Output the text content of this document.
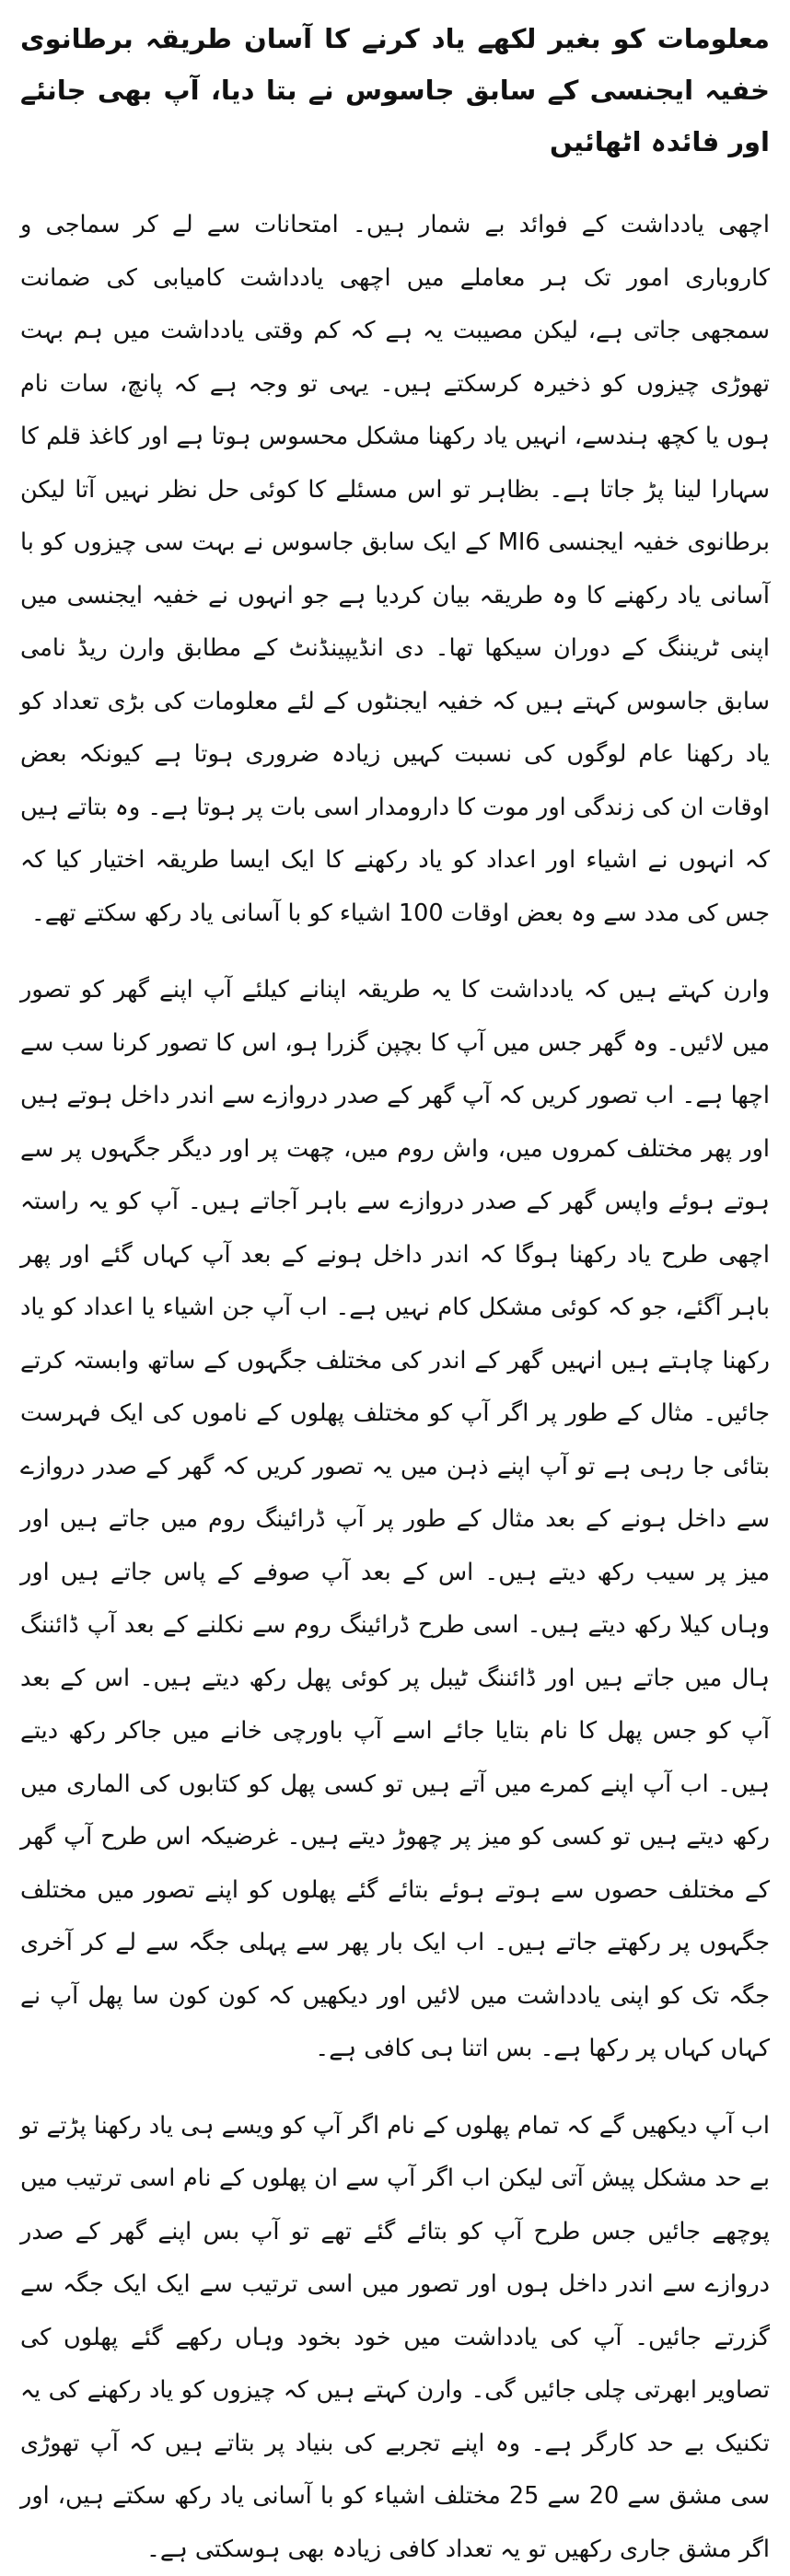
معلومات کو بغیر لکھے یاد کرنے کا آسان طریقہ برطانوی خفیہ ایجنسی کے سابق جاسوس نے بتا دیا، آپ بھی جانئے اور فائدہ اٹھائیں

اچھی یادداشت کے فوائد بے شمار ہیں۔ امتحانات سے لے کر سماجی و کاروباری امور تک ہر معاملے میں اچھی یادداشت کامیابی کی ضمانت سمجھی جاتی ہے، لیکن مصیبت یہ ہے کہ کم وقتی یادداشت میں ہم بہت تھوڑی چیزوں کو ذخیرہ کرسکتے ہیں۔ یہی تو وجہ ہے کہ پانچ، سات نام ہوں یا کچھ ہندسے، انہیں یاد رکھنا مشکل محسوس ہوتا ہے اور کاغذ قلم کا سہارا لینا پڑ جاتا ہے۔ بظاہر تو اس مسئلے کا کوئی حل نظر نہیں آتا لیکن برطانوی خفیہ ایجنسی MI6 کے ایک سابق جاسوس نے بہت سی چیزوں کو با آسانی یاد رکھنے کا وہ طریقہ بیان کردیا ہے جو انہوں نے خفیہ ایجنسی میں اپنی ٹریننگ کے دوران سیکھا تھا۔ دی انڈیپینڈنٹ کے مطابق وارن ریڈ نامی سابق جاسوس کہتے ہیں کہ خفیہ ایجنٹوں کے لئے معلومات کی بڑی تعداد کو یاد رکھنا عام لوگوں کی نسبت کہیں زیادہ ضروری ہوتا ہے کیونکہ بعض اوقات ان کی زندگی اور موت کا دارومدار اسی بات پر ہوتا ہے۔ وہ بتاتے ہیں کہ انہوں نے اشیاء اور اعداد کو یاد رکھنے کا ایک ایسا طریقہ اختیار کیا کہ جس کی مدد سے وہ بعض اوقات 100 اشیاء کو با آسانی یاد رکھ سکتے تھے۔

وارن کہتے ہیں کہ یادداشت کا یہ طریقہ اپنانے کیلئے آپ اپنے گھر کو تصور میں لائیں۔ وہ گھر جس میں آپ کا بچپن گزرا ہو، اس کا تصور کرنا سب سے اچھا ہے۔ اب تصور کریں کہ آپ گھر کے صدر دروازے سے اندر داخل ہوتے ہیں اور پھر مختلف کمروں میں، واش روم میں، چھت پر اور دیگر جگہوں پر سے ہوتے ہوئے واپس گھر کے صدر دروازے سے باہر آجاتے ہیں۔ آپ کو یہ راستہ اچھی طرح یاد رکھنا ہوگا کہ اندر داخل ہونے کے بعد آپ کہاں گئے اور پھر باہر آگئے، جو کہ کوئی مشکل کام نہیں ہے۔ اب آپ جن اشیاء یا اعداد کو یاد رکھنا چاہتے ہیں انہیں گھر کے اندر کی مختلف جگہوں کے ساتھ وابستہ کرتے جائیں۔ مثال کے طور پر اگر آپ کو مختلف پھلوں کے ناموں کی ایک فہرست بتائی جا رہی ہے تو آپ اپنے ذہن میں یہ تصور کریں کہ گھر کے صدر دروازے سے داخل ہونے کے بعد مثال کے طور پر آپ ڈرائینگ روم میں جاتے ہیں اور میز پر سیب رکھ دیتے ہیں۔ اس کے بعد آپ صوفے کے پاس جاتے ہیں اور وہاں کیلا رکھ دیتے ہیں۔ اسی طرح ڈرائینگ روم سے نکلنے کے بعد آپ ڈائننگ ہال میں جاتے ہیں اور ڈائننگ ٹیبل پر کوئی پھل رکھ دیتے ہیں۔ اس کے بعد آپ کو جس پھل کا نام بتایا جائے اسے آپ باورچی خانے میں جاکر رکھ دیتے ہیں۔ اب آپ اپنے کمرے میں آتے ہیں تو کسی پھل کو کتابوں کی الماری میں رکھ دیتے ہیں تو کسی کو میز پر چھوڑ دیتے ہیں۔ غرضیکہ اس طرح آپ گھر کے مختلف حصوں سے ہوتے ہوئے بتائے گئے پھلوں کو اپنے تصور میں مختلف جگہوں پر رکھتے جاتے ہیں۔ اب ایک بار پھر سے پہلی جگہ سے لے کر آخری جگہ تک کو اپنی یادداشت میں لائیں اور دیکھیں کہ کون کون سا پھل آپ نے کہاں کہاں پر رکھا ہے۔ بس اتنا ہی کافی ہے۔

اب آپ دیکھیں گے کہ تمام پھلوں کے نام اگر آپ کو ویسے ہی یاد رکھنا پڑتے تو بے حد مشکل پیش آتی لیکن اب اگر آپ سے ان پھلوں کے نام اسی ترتیب میں پوچھے جائیں جس طرح آپ کو بتائے گئے تھے تو آپ بس اپنے گھر کے صدر دروازے سے اندر داخل ہوں اور تصور میں اسی ترتیب سے ایک ایک جگہ سے گزرتے جائیں۔ آپ کی یادداشت میں خود بخود وہاں رکھے گئے پھلوں کی تصاویر ابھرتی چلی جائیں گی۔ وارن کہتے ہیں کہ چیزوں کو یاد رکھنے کی یہ تکنیک بے حد کارگر ہے۔ وہ اپنے تجربے کی بنیاد پر بتاتے ہیں کہ آپ تھوڑی سی مشق سے 20 سے 25 مختلف اشیاء کو با آسانی یاد رکھ سکتے ہیں، اور اگر مشق جاری رکھیں تو یہ تعداد کافی زیادہ بھی ہوسکتی ہے۔
